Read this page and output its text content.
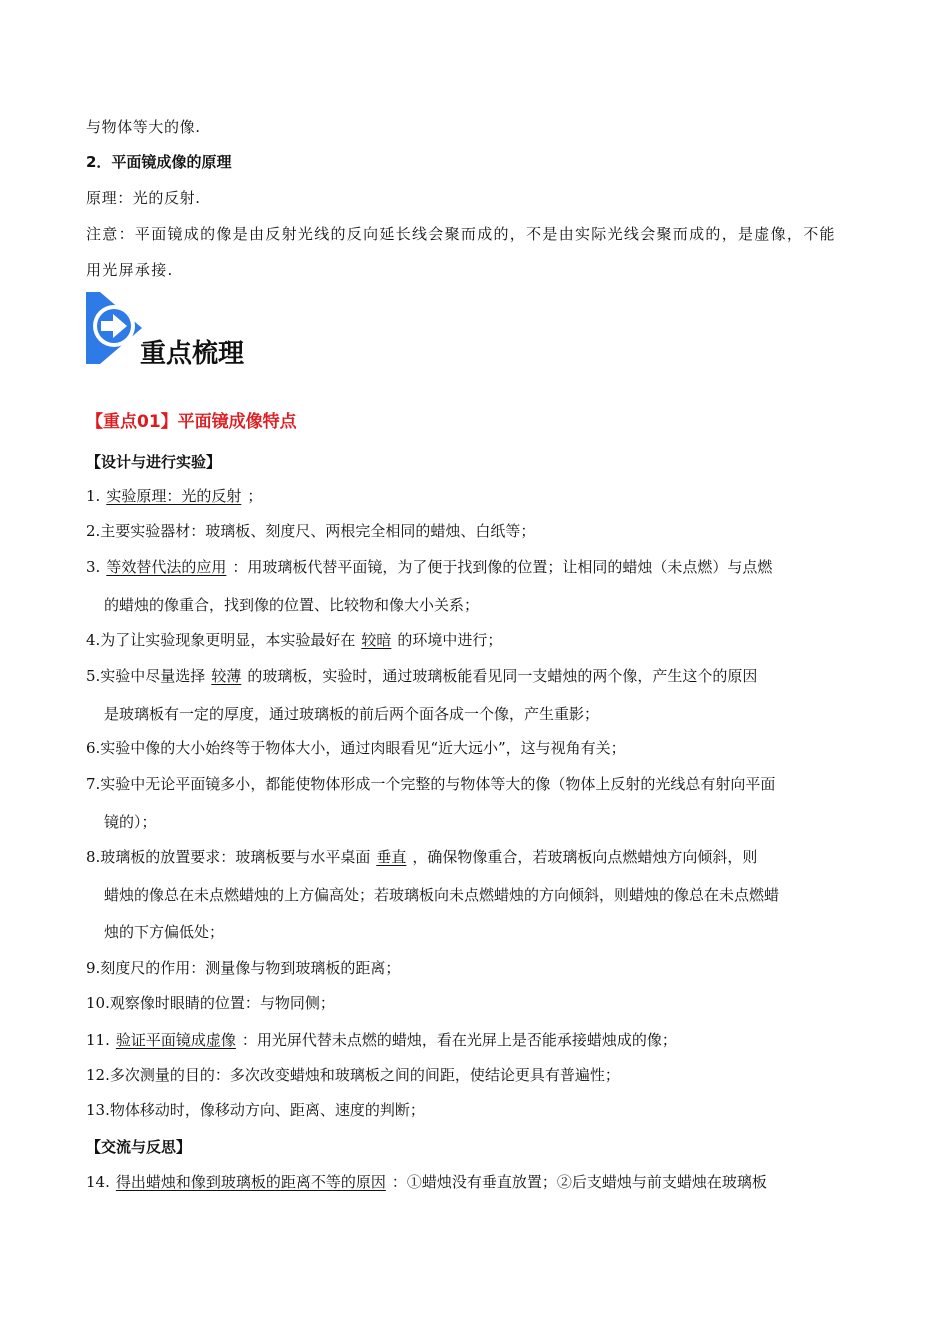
与物体等大的像.
2．平面镜成像的原理
原理：光的反射.
注意：平面镜成的像是由反射光线的反向延长线会聚而成的，不是由实际光线会聚而成的，是虚像，不能
用光屏承接.
重点梳理
【重点01】平面镜成像特点
【设计与进行实验】
1. 实验原理：光的反射 ；
2.主要实验器材：玻璃板、刻度尺、两根完全相同的蜡烛、白纸等；
3. 等效替代法的应用 ：用玻璃板代替平面镜，为了便于找到像的位置；让相同的蜡烛（未点燃）与点燃
的蜡烛的像重合，找到像的位置、比较物和像大小关系；
4.为了让实验现象更明显，本实验最好在 较暗 的环境中进行；
5.实验中尽量选择 较薄 的玻璃板，实验时，通过玻璃板能看见同一支蜡烛的两个像，产生这个的原因
是玻璃板有一定的厚度，通过玻璃板的前后两个面各成一个像，产生重影；
6.实验中像的大小始终等于物体大小，通过肉眼看见“近大远小”，这与视角有关；
7.实验中无论平面镜多小，都能使物体形成一个完整的与物体等大的像（物体上反射的光线总有射向平面
镜的）；
8.玻璃板的放置要求：玻璃板要与水平桌面 垂直 ，确保物像重合，若玻璃板向点燃蜡烛方向倾斜，则
蜡烛的像总在未点燃蜡烛的上方偏高处；若玻璃板向未点燃蜡烛的方向倾斜，则蜡烛的像总在未点燃蜡
烛的下方偏低处；
9.刻度尺的作用：测量像与物到玻璃板的距离；
10.观察像时眼睛的位置：与物同侧；
11. 验证平面镜成虚像 ：用光屏代替未点燃的蜡烛，看在光屏上是否能承接蜡烛成的像；
12.多次测量的目的：多次改变蜡烛和玻璃板之间的间距，使结论更具有普遍性；
13.物体移动时，像移动方向、距离、速度的判断；
【交流与反思】
14. 得出蜡烛和像到玻璃板的距离不等的原因 ：①蜡烛没有垂直放置；②后支蜡烛与前支蜡烛在玻璃板
